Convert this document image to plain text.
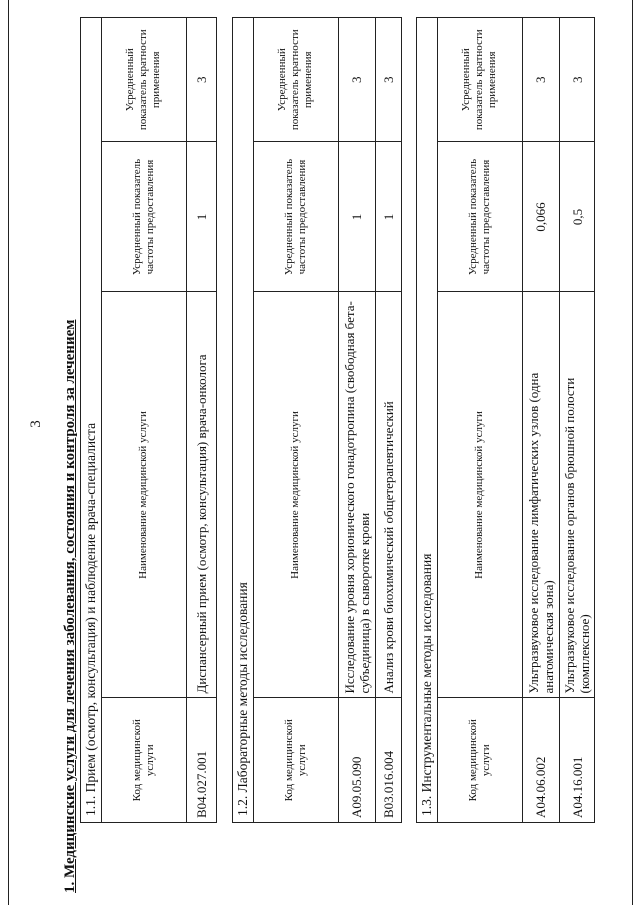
3 1. Медицинские услуги для лечения заболевания, состояния и контроля за лечением 1.1. Прием (осмотр, консультация) и наблюдение врача-специалиста	Код медицинской услуги	Наименование медицинской услуги	Усредненный показатель частоты предоставления	Усредненный показатель кратности применения
B04.027.001	Диспансерный прием (осмотр, консультация) врача-онколога	1	3
1.2. Лабораторные методы исследования	Код медицинской услуги	Наименование медицинской услуги	Усредненный показатель частоты предоставления	Усредненный показатель кратности применения
A09.05.090	Исследование уровня хорионического гонадотропина (свободная бета-субъединица) в сыворотке крови	1	3
B03.016.004	Анализ крови биохимический общетерапевтический	1	3
1.3. Инструментальные методы исследования	Код медицинской услуги	Наименование медицинской услуги	Усредненный показатель частоты предоставления	Усредненный показатель кратности применения
A04.06.002	Ультразвуковое исследование лимфатических узлов (одна анатомическая зона)	0,066	3
A04.16.001	Ультразвуковое исследование органов брюшной полости (комплексное)	0,5	3
